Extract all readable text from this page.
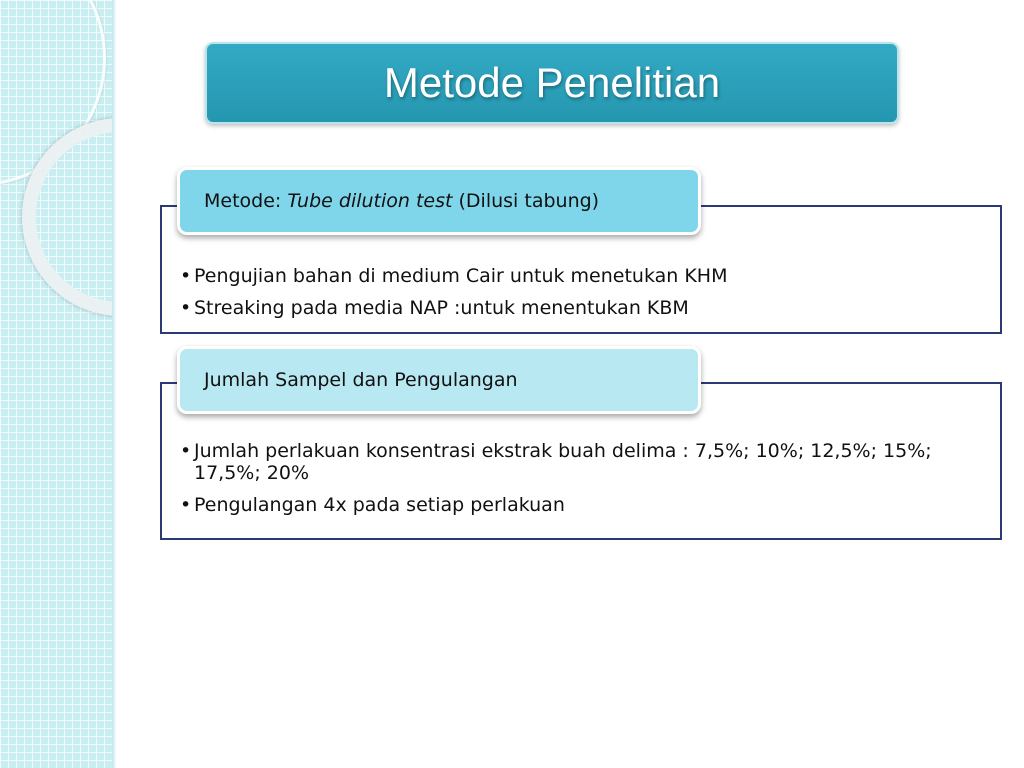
Metode Penelitian
• Pengujian bahan di medium Cair untuk menetukan KHM
• Streaking pada media NAP :untuk menentukan KBM
Metode: Tube dilution test (Dilusi tabung)
• Jumlah perlakuan konsentrasi ekstrak buah delima : 7,5%; 10%; 12,5%; 15%; 17,5%; 20%
• Pengulangan 4x pada setiap perlakuan
Jumlah Sampel dan Pengulangan
